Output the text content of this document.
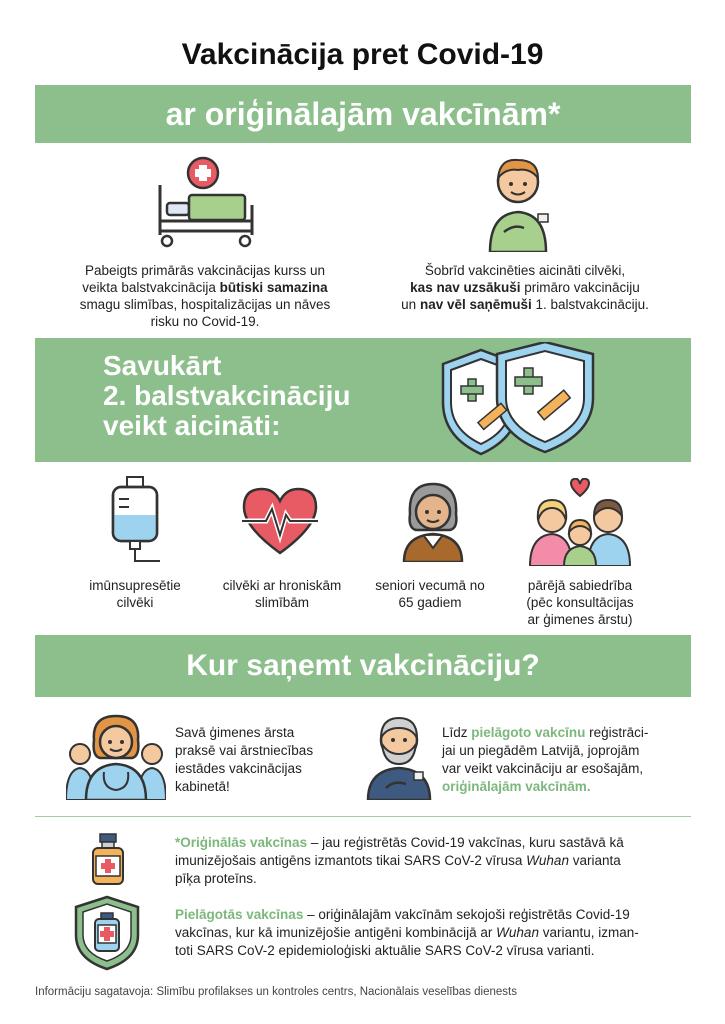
Vakcinācija pret Covid-19
ar oriģinālajām vakcīnām*
Pabeigts primārās vakcinācijas kurss un
veikta balstvakcinācija būtiski samazina
smagu slimības, hospitalizācijas un nāves
risku no Covid-19.
Šobrīd vakcinēties aicināti cilvēki,
kas nav uzsākuši primāro vakcināciju
un nav vēl saņēmuši 1. balstvakcināciju.
Savukārt
2. balstvakcināciju
veikt aicināti:
imūnsupresētie
cilvēki
cilvēki ar hroniskām
slimībām
seniori vecumā no
65 gadiem
pārējā sabiedrība
(pēc konsultācijas
ar ģimenes ārstu)
Kur saņemt vakcināciju?
Savā ģimenes ārsta
praksē vai ārstniecības
iestādes vakcinācijas
kabinetā!
Līdz pielāgoto vakcīnu reģistrāci-
jai un piegādēm Latvijā, joprojām
var veikt vakcināciju ar esošajām,
oriģinālajām vakcīnām.
*Oriģinālās vakcīnas – jau reģistrētās Covid-19 vakcīnas, kuru sastāvā kā
imunizējošais antigēns izmantots tikai SARS CoV-2 vīrusa Wuhan varianta
pīķa proteīns.
Pielāgotās vakcīnas – oriģinālajām vakcīnām sekojoši reģistrētās Covid-19
vakcīnas, kur kā imunizējošie antigēni kombinācijā ar Wuhan variantu, izman-
toti SARS CoV-2 epidemioloģiski aktuālie SARS CoV-2 vīrusa varianti.
Informāciju sagatavoja: Slimību profilakses un kontroles centrs, Nacionālais veselības dienests
